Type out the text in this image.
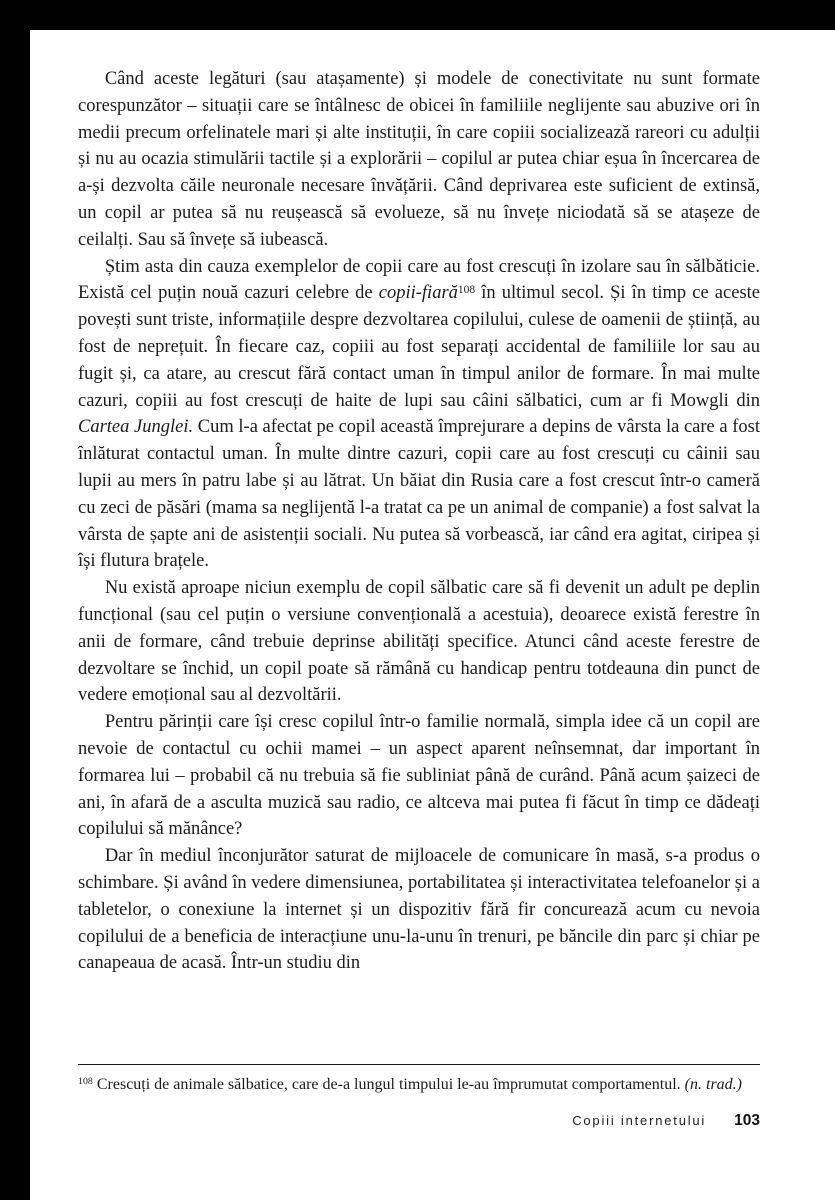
Când aceste legături (sau atașamente) și modele de conectivitate nu sunt formate corespunzător – situații care se întâlnesc de obicei în familiile neglijente sau abuzive ori în medii precum orfelinatele mari și alte instituții, în care copiii socializează rareori cu adulții și nu au ocazia stimulării tactile și a explorării – copilul ar putea chiar eșua în încercarea de a-și dezvolta căile neuronale necesare învățării. Când deprivarea este suficient de extinsă, un copil ar putea să nu reușească să evolueze, să nu învețe niciodată să se atașeze de ceilalți. Sau să învețe să iubească.

Știm asta din cauza exemplelor de copii care au fost crescuți în izolare sau în sălbăticie. Există cel puțin nouă cazuri celebre de copii-fiară$^{108}$ în ultimul secol. Și în timp ce aceste povești sunt triste, informațiile despre dezvoltarea copilului, culese de oamenii de știință, au fost de neprețuit. În fiecare caz, copiii au fost separați accidental de familiile lor sau au fugit și, ca atare, au crescut fără contact uman în timpul anilor de formare. În mai multe cazuri, copiii au fost crescuți de haite de lupi sau câini sălbatici, cum ar fi Mowgli din Cartea Junglei. Cum l-a afectat pe copil această împrejurare a depins de vârsta la care a fost înlăturat contactul uman. În multe dintre cazuri, copii care au fost crescuți cu câinii sau lupii au mers în patru labe și au lătrat. Un băiat din Rusia care a fost crescut într-o cameră cu zeci de păsări (mama sa neglijentă l-a tratat ca pe un animal de companie) a fost salvat la vârsta de șapte ani de asistenții sociali. Nu putea să vorbească, iar când era agitat, ciripea și își flutura brațele.

Nu există aproape niciun exemplu de copil sălbatic care să fi devenit un adult pe deplin funcțional (sau cel puțin o versiune convențională a acestuia), deoarece există ferestre în anii de formare, când trebuie deprinse abilități specifice. Atunci când aceste ferestre de dezvoltare se închid, un copil poate să rămână cu handicap pentru totdeauna din punct de vedere emoțional sau al dezvoltării.

Pentru părinții care își cresc copilul într-o familie normală, simpla idee că un copil are nevoie de contactul cu ochii mamei – un aspect aparent neînsemnat, dar important în formarea lui – probabil că nu trebuia să fie subliniat până de curând. Până acum șaizeci de ani, în afară de a asculta muzică sau radio, ce altceva mai putea fi făcut în timp ce dădeați copilului să mănânce?

Dar în mediul înconjurător saturat de mijloacele de comunicare în masă, s-a produs o schimbare. Și având în vedere dimensiunea, portabilitatea și interactivitatea telefoanelor și a tabletelor, o conexiune la internet și un dispozitiv fără fir concurează acum cu nevoia copilului de a beneficia de interacțiune unu-la-unu în trenuri, pe băncile din parc și chiar pe canapeaua de acasă. Într-un studiu din

$^{108}$ Crescuți de animale sălbatice, care de-a lungul timpului le-au împrumutat comportamentul. (n. trad.)

Copiii internetului 103
